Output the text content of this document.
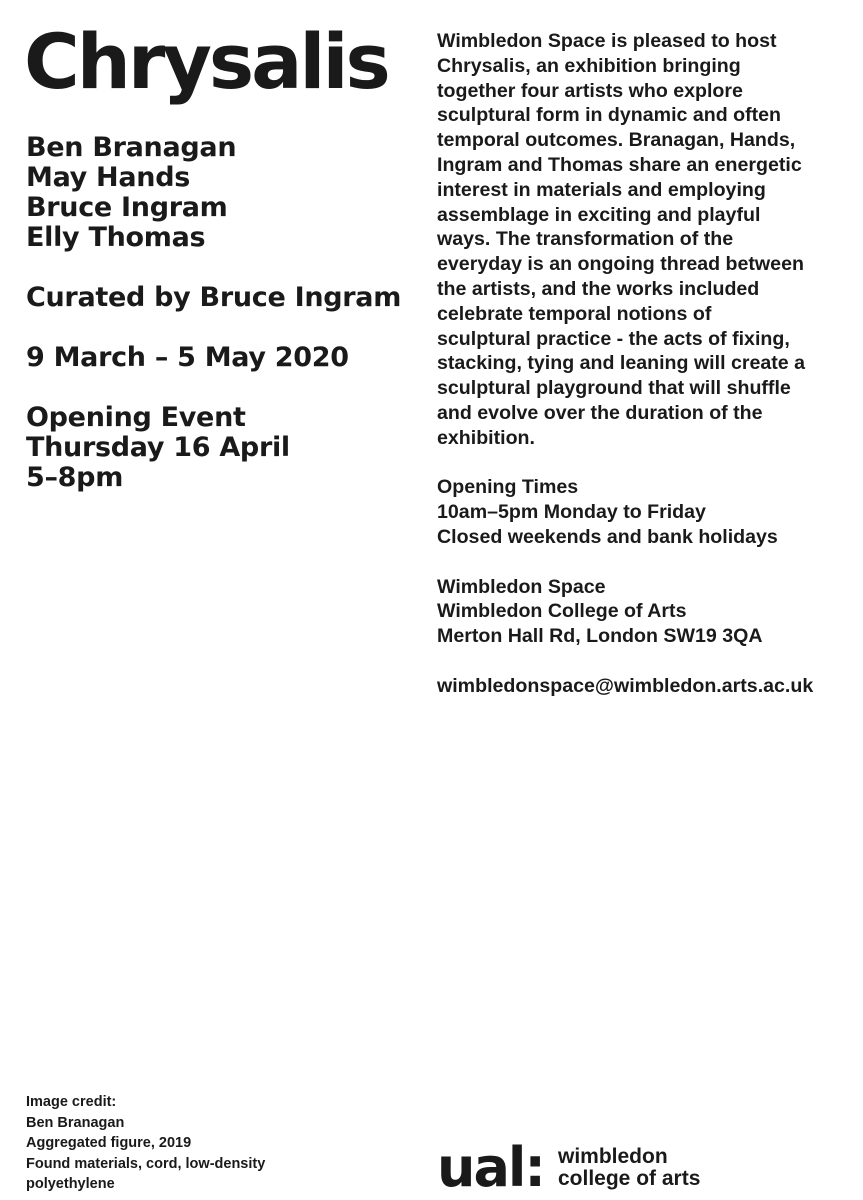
Chrysalis
Ben Branagan
May Hands
Bruce Ingram
Elly Thomas
Curated by Bruce Ingram
9 March – 5 May 2020
Opening Event
Thursday 16 April
5–8pm

Wimbledon Space is pleased to host
Chrysalis, an exhibition bringing
together four artists who explore
sculptural form in dynamic and often
temporal outcomes. Branagan, Hands,
Ingram and Thomas share an energetic
interest in materials and employing
assemblage in exciting and playful
ways. The transformation of the
everyday is an ongoing thread between
the artists, and the works included
celebrate temporal notions of
sculptural practice - the acts of fixing,
stacking, tying and leaning will create a
sculptural playground that will shuffle
and evolve over the duration of the
exhibition.

Opening Times
10am–5pm Monday to Friday
Closed weekends and bank holidays

Wimbledon Space
Wimbledon College of Arts
Merton Hall Rd, London SW19 3QA

wimbledonspace@wimbledon.arts.ac.uk

Image credit:
Ben Branagan
Aggregated figure, 2019
Found materials, cord, low-density
polyethylene	ual: wimbledon
college of arts
